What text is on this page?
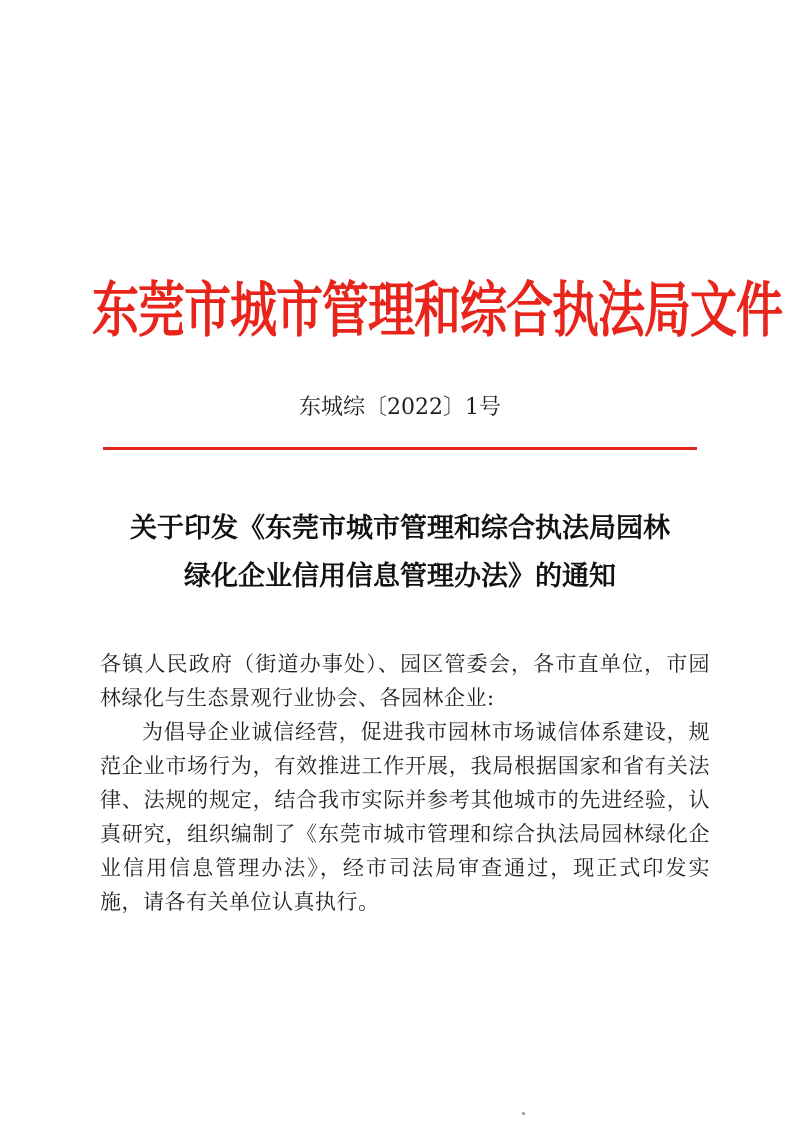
东莞市城市管理和综合执法局文件
东城综〔2022〕1号
关于印发《东莞市城市管理和综合执法局园林
绿化企业信用信息管理办法》的通知

各镇人民政府（街道办事处）、园区管委会，各市直单位，市园林绿化与生态景观行业协会、各园林企业:

为倡导企业诚信经营，促进我市园林市场诚信体系建设，规范企业市场行为，有效推进工作开展，我局根据国家和省有关法律、法规的规定，结合我市实际并参考其他城市的先进经验，认真研究，组织编制了《东莞市城市管理和综合执法局园林绿化企业信用信息管理办法》，经市司法局审查通过，现正式印发实施，请各有关单位认真执行。
